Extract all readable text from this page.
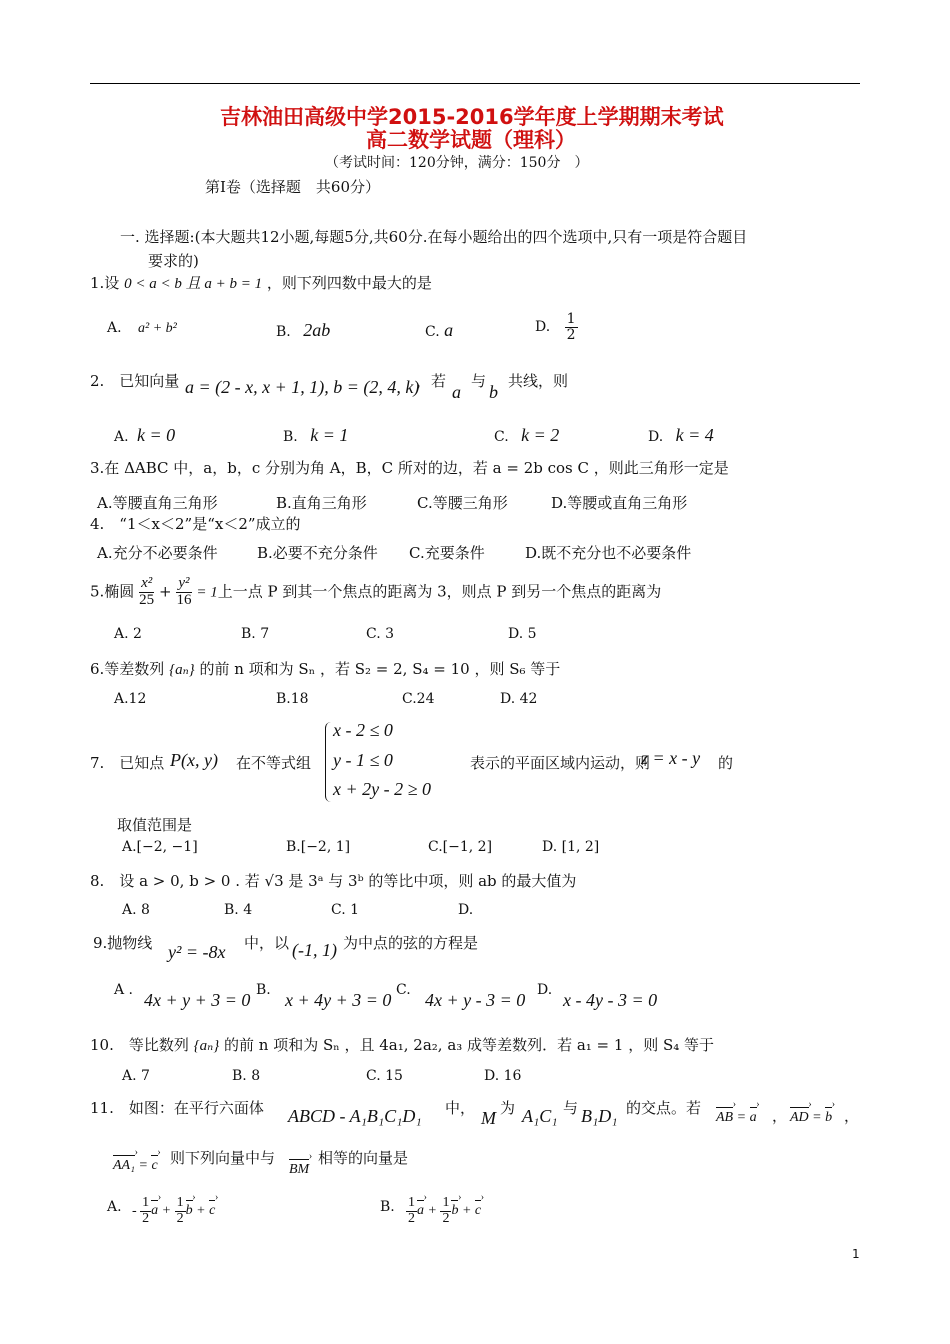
吉林油田高级中学2015-2016学年度上学期期末考试
高二数学试题（理科）
（考试时间：120分钟，满分：150分　）
第Ⅰ卷（选择题　共60分）
一. 选择题:(本大题共12小题,每题5分,共60分.在每小题给出的四个选项中,只有一项是符合题目
要求的)
1.设 0 < a < b 且 a + b = 1 ，则下列四数中最大的是
A. a² + b²	B. 2ab	C. a	D. $\frac{1}{2}$
2.　已知向量 a = (2 - x, x + 1, 1), b = (2, 4, k)
，若
a
与
b
共线，则
A. k = 0	B. k = 1	C. k = 2	D. k = 4
3.在 ΔABC 中，a，b，c 分别为角 A，B，C 所对的边，若 a = 2b cos C ，则此三角形一定是
A.等腰直角三角形	B.直角三角形	C.等腰三角形	D.等腰或直角三角形
4.　“1＜x＜2”是“x＜2”成立的
A.充分不必要条件	B.必要不充分条件 C.充要条件	D.既不充分也不必要条件
5.椭圆 $\frac{\text{x²}}{25} + \frac{\text{y²}}{16} = 1$上一点 P 到其一个焦点的距离为 3，则点 P 到另一个焦点的距离为
A. 2	B. 7	C. 3	D. 5
6.等差数列 {aₙ} 的前 n 项和为 Sₙ ，若 S₂ = 2, S₄ = 10 ，则 S₆ 等于
A.12	B.18	C.24	D. 42
7.　已知点 P(x, y) 在不等式组
x - 2 ≤ 0
y - 1 ≤ 0
x + 2y - 2 ≥ 0
表示的平面区域内运动，则
z = x - y 的
取值范围是
A.[−2, −1]	B.[−2, 1]	C.[−1, 2]	D. [1, 2]
8.　设 a > 0, b > 0 . 若 √3 是 3ᵃ 与 3ᵇ 的等比中项，则 ab 的最大值为
A. 8	B. 4	C. 1	D.
9.抛物线 y² = -8x 中，以 (-1, 1) 为中点的弦的方程是
A . 4x + y + 3 = 0 B. x + 4y + 3 = 0 C. 4x + y - 3 = 0 D. x - 4y - 3 = 0
10.　等比数列 {aₙ} 的前 n 项和为 Sₙ ，且 4a₁, 2a₂, a₃ 成等差数列．若 a₁ = 1 ，则 S₄ 等于
A. 7	B. 8	C. 15	D. 16
11.　如图：在平行六面体 ABCD - A₁B₁C₁D₁ 中， M 为 A₁C₁ 与 B₁D₁ 的交点。若
AB › = a › ， AD › = b › ，
AA₁ › = c › 则下列向量中与
BM ›
相等的向量是
A. - $\frac{1}{2}$ a › + $\frac{1}{2}$ b › + c ›	B. $\frac{1}{2}$ a › + $\frac{1}{2}$ b › + c ›
1
